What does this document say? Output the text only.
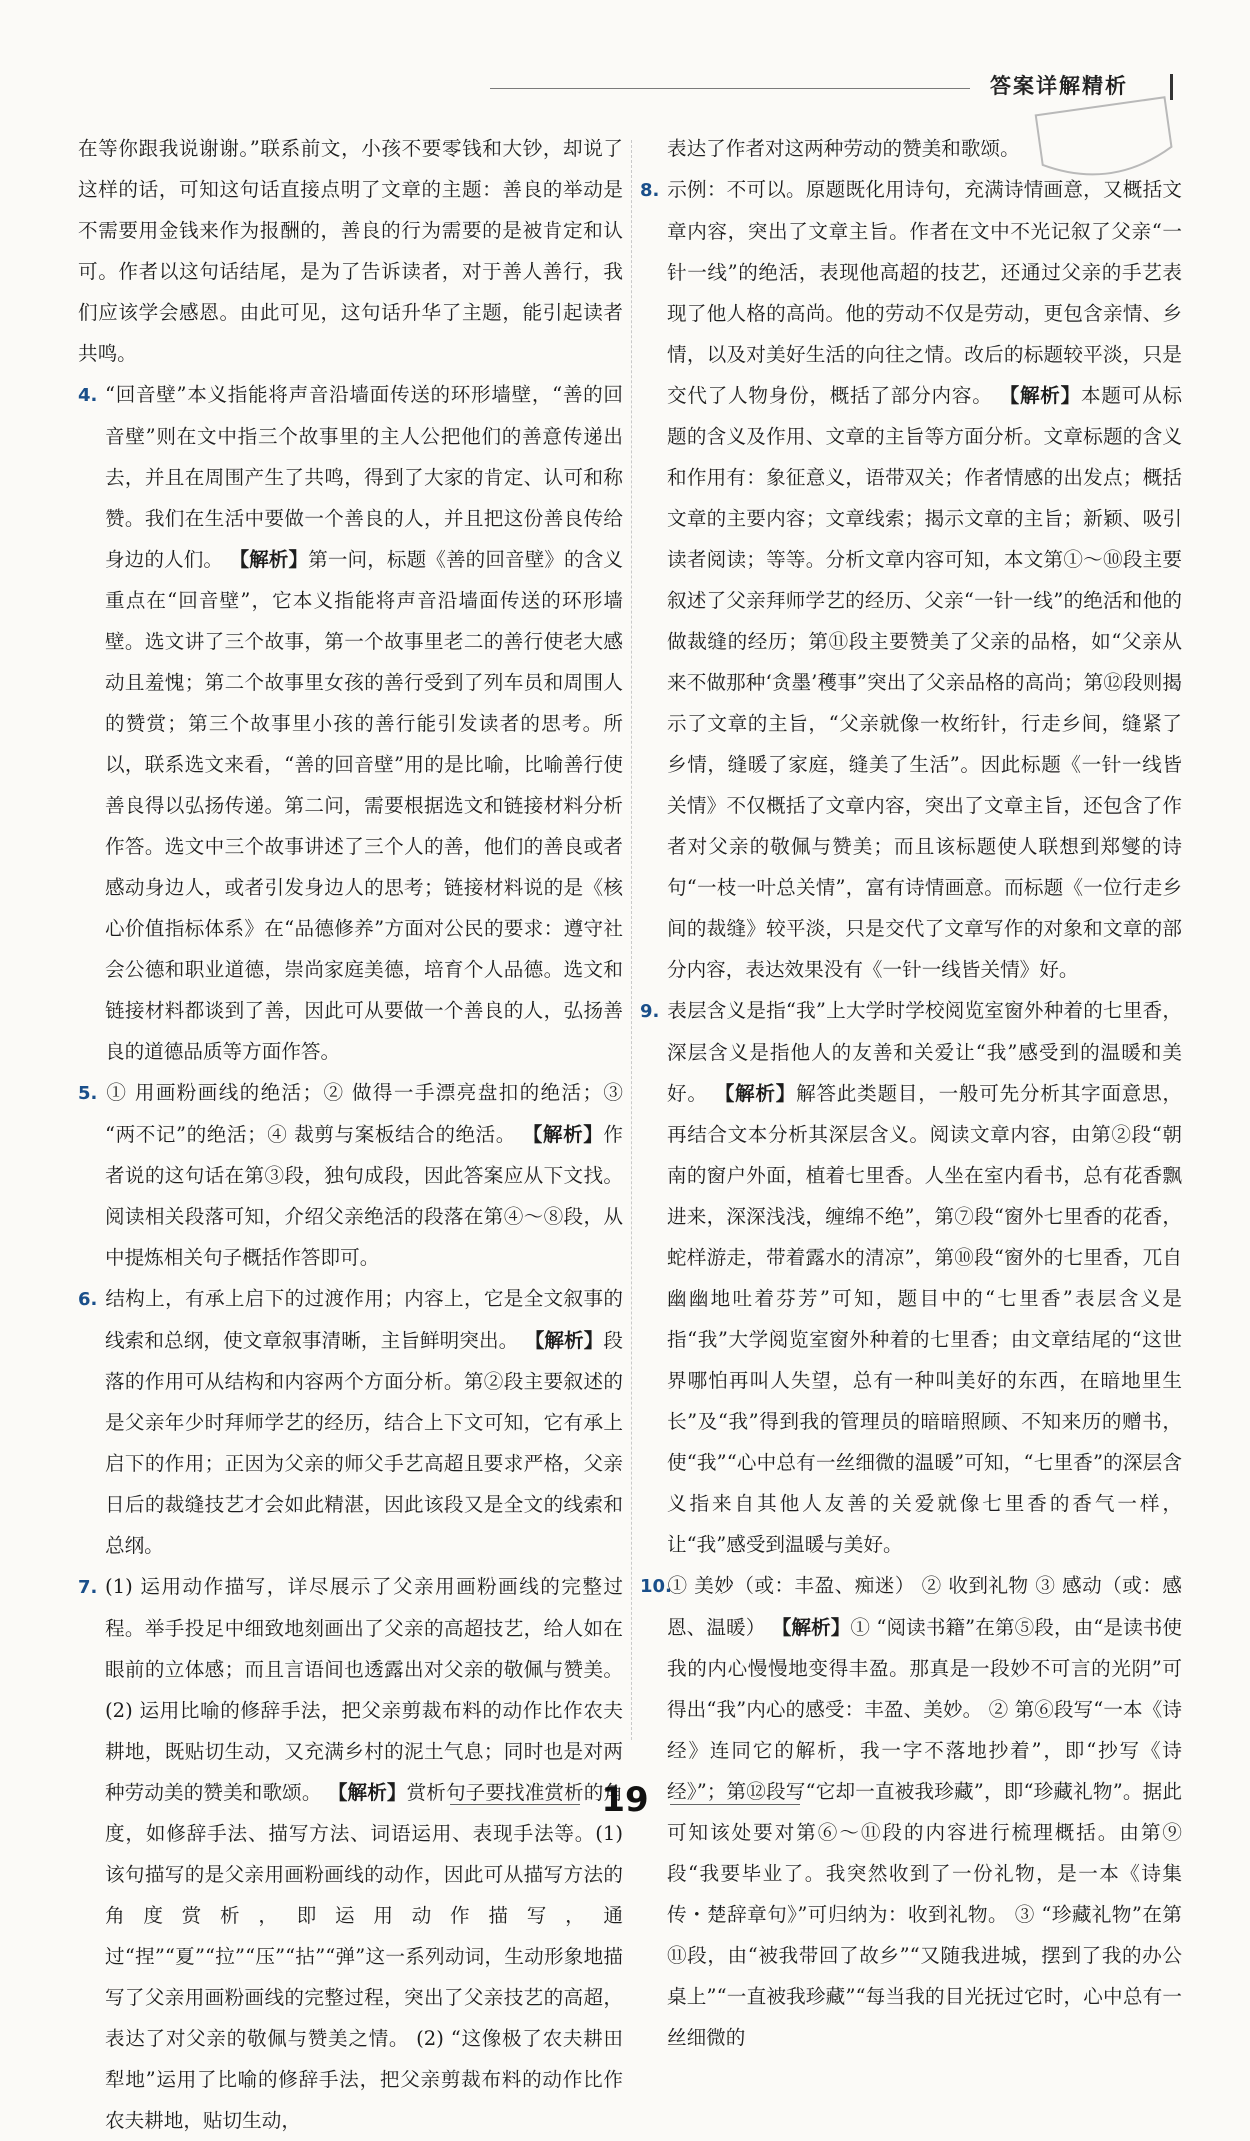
答案详解精析

在等你跟我说谢谢。”联系前文，小孩不要零钱和大钞，却说了这样的话，可知这句话直接点明了文章的主题：善良的举动是不需要用金钱来作为报酬的，善良的行为需要的是被肯定和认可。作者以这句话结尾，是为了告诉读者，对于善人善行，我们应该学会感恩。由此可见，这句话升华了主题，能引起读者共鸣。

4. “回音壁”本义指能将声音沿墙面传送的环形墙壁，“善的回音壁”则在文中指三个故事里的主人公把他们的善意传递出去，并且在周围产生了共鸣，得到了大家的肯定、认可和称赞。我们在生活中要做一个善良的人，并且把这份善良传给身边的人们。 【解析】第一问，标题《善的回音壁》的含义重点在“回音壁”，它本义指能将声音沿墙面传送的环形墙壁。选文讲了三个故事，第一个故事里老二的善行使老大感动且羞愧；第二个故事里女孩的善行受到了列车员和周围人的赞赏；第三个故事里小孩的善行能引发读者的思考。所以，联系选文来看，“善的回音壁”用的是比喻，比喻善行使善良得以弘扬传递。第二问，需要根据选文和链接材料分析作答。选文中三个故事讲述了三个人的善，他们的善良或者感动身边人，或者引发身边人的思考；链接材料说的是《核心价值指标体系》在“品德修养”方面对公民的要求：遵守社会公德和职业道德，崇尚家庭美德，培育个人品德。选文和链接材料都谈到了善，因此可从要做一个善良的人，弘扬善良的道德品质等方面作答。

5. ① 用画粉画线的绝活；② 做得一手漂亮盘扣的绝活；③ “两不记”的绝活；④ 裁剪与案板结合的绝活。 【解析】作者说的这句话在第③段，独句成段，因此答案应从下文找。阅读相关段落可知，介绍父亲绝活的段落在第④～⑧段，从中提炼相关句子概括作答即可。

6. 结构上，有承上启下的过渡作用；内容上，它是全文叙事的线索和总纲，使文章叙事清晰，主旨鲜明突出。 【解析】段落的作用可从结构和内容两个方面分析。第②段主要叙述的是父亲年少时拜师学艺的经历，结合上下文可知，它有承上启下的作用；正因为父亲的师父手艺高超且要求严格，父亲日后的裁缝技艺才会如此精湛，因此该段又是全文的线索和总纲。

7. (1) 运用动作描写，详尽展示了父亲用画粉画线的完整过程。举手投足中细致地刻画出了父亲的高超技艺，给人如在眼前的立体感；而且言语间也透露出对父亲的敬佩与赞美。 (2) 运用比喻的修辞手法，把父亲剪裁布料的动作比作农夫耕地，既贴切生动，又充满乡村的泥土气息；同时也是对两种劳动美的赞美和歌颂。 【解析】赏析句子要找准赏析的角度，如修辞手法、描写方法、词语运用、表现手法等。(1) 该句描写的是父亲用画粉画线的动作，因此可从描写方法的角度赏析，即运用动作描写，通过“捏”“夏”“拉”“压”“拈”“弹”这一系列动词，生动形象地描写了父亲用画粉画线的完整过程，突出了父亲技艺的高超，表达了对父亲的敬佩与赞美之情。 (2) “这像极了农夫耕田犁地”运用了比喻的修辞手法，把父亲剪裁布料的动作比作农夫耕地，贴切生动，

表达了作者对这两种劳动的赞美和歌颂。

8. 示例：不可以。原题既化用诗句，充满诗情画意，又概括文章内容，突出了文章主旨。作者在文中不光记叙了父亲“一针一线”的绝活，表现他高超的技艺，还通过父亲的手艺表现了他人格的高尚。他的劳动不仅是劳动，更包含亲情、乡情，以及对美好生活的向往之情。改后的标题较平淡，只是交代了人物身份，概括了部分内容。 【解析】本题可从标题的含义及作用、文章的主旨等方面分析。文章标题的含义和作用有：象征意义，语带双关；作者情感的出发点；概括文章的主要内容；文章线索；揭示文章的主旨；新颖、吸引读者阅读；等等。分析文章内容可知，本文第①～⑩段主要叙述了父亲拜师学艺的经历、父亲“一针一线”的绝活和他的做裁缝的经历；第⑪段主要赞美了父亲的品格，如“父亲从来不做那种‘贪墨’穫事”突出了父亲品格的高尚；第⑫段则揭示了文章的主旨，“父亲就像一枚绗针，行走乡间，缝紧了乡情，缝暖了家庭，缝美了生活”。因此标题《一针一线皆关情》不仅概括了文章内容，突出了文章主旨，还包含了作者对父亲的敬佩与赞美；而且该标题使人联想到郑燮的诗句“一枝一叶总关情”，富有诗情画意。而标题《一位行走乡间的裁缝》较平淡，只是交代了文章写作的对象和文章的部分内容，表达效果没有《一针一线皆关情》好。

9. 表层含义是指“我”上大学时学校阅览室窗外种着的七里香，深层含义是指他人的友善和关爱让“我”感受到的温暖和美好。 【解析】解答此类题目，一般可先分析其字面意思，再结合文本分析其深层含义。阅读文章内容，由第②段“朝南的窗户外面，植着七里香。人坐在室内看书，总有花香飘进来，深深浅浅，缠绵不绝”，第⑦段“窗外七里香的花香，蛇样游走，带着露水的清凉”，第⑩段“窗外的七里香，兀自幽幽地吐着芬芳”可知，题目中的“七里香”表层含义是指“我”大学阅览室窗外种着的七里香；由文章结尾的“这世界哪怕再叫人失望，总有一种叫美好的东西，在暗地里生长”及“我”得到我的管理员的暗暗照顾、不知来历的赠书，使“我”“心中总有一丝细微的温暖”可知，“七里香”的深层含义指来自其他人友善的关爱就像七里香的香气一样，让“我”感受到温暖与美好。

10.① 美妙（或：丰盈、痴迷） ② 收到礼物 ③ 感动（或：感恩、温暖） 【解析】① “阅读书籍”在第⑤段，由“是读书使我的内心慢慢地变得丰盈。那真是一段妙不可言的光阴”可得出“我”内心的感受：丰盈、美妙。 ② 第⑥段写“一本《诗经》连同它的解析，我一字不落地抄着”，即“抄写《诗经》”；第⑫段写“它却一直被我珍藏”，即“珍藏礼物”。据此可知该处要对第⑥～⑪段的内容进行梳理概括。由第⑨段“我要毕业了。我突然收到了一份礼物，是一本《诗集传・楚辞章句》”可归纳为：收到礼物。 ③ “珍藏礼物”在第⑪段，由“被我带回了故乡”“又随我进城，摆到了我的办公桌上”“一直被我珍藏”“每当我的目光抚过它时，心中总有一丝细微的

19
